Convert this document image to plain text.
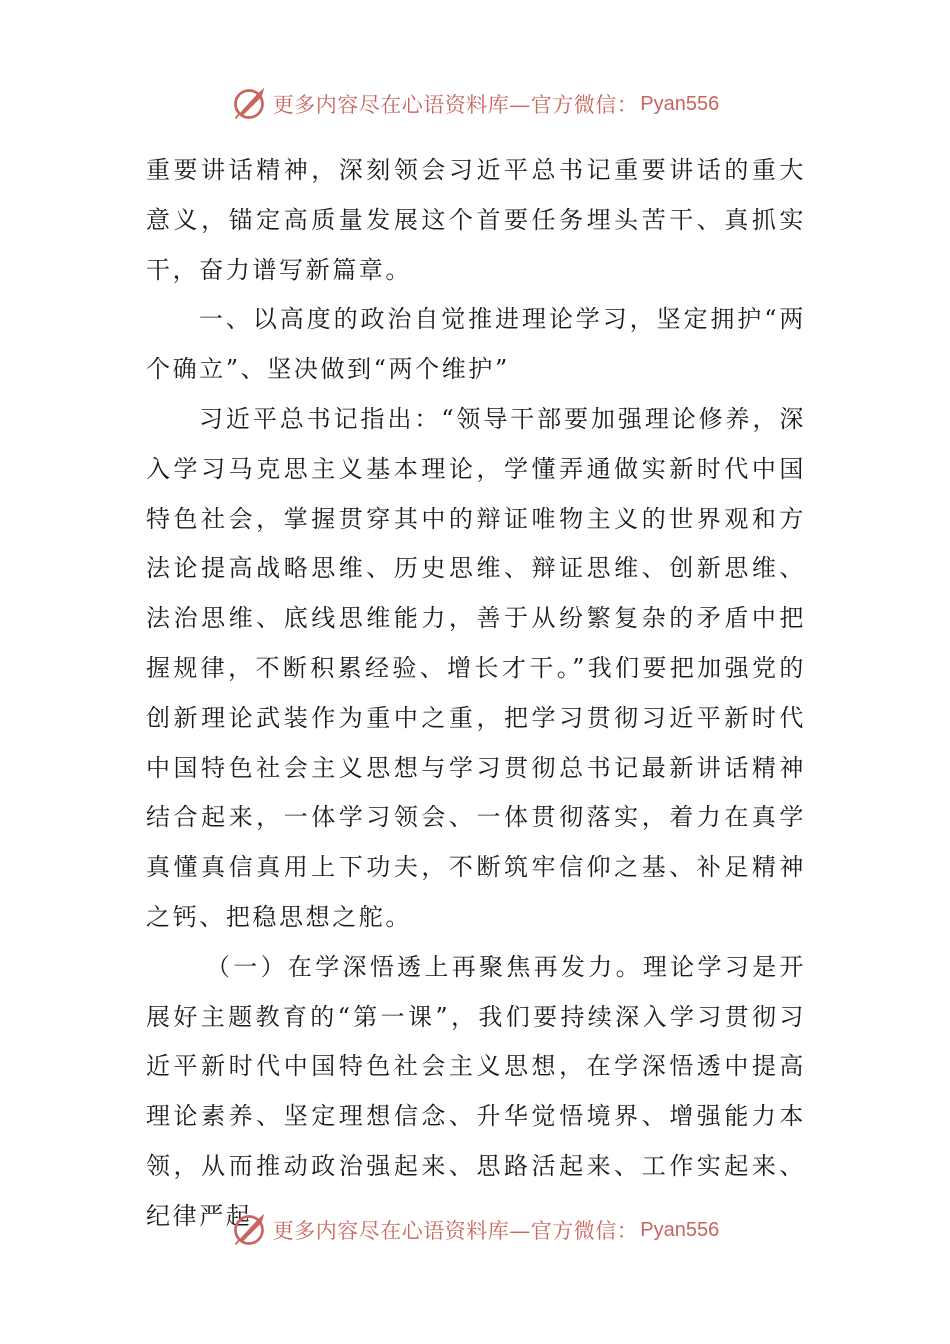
更多内容尽在心语资料库—官方微信： Pyan556

重要讲话精神，深刻领会习近平总书记重要讲话的重大意义，锚定高质量发展这个首要任务埋头苦干、真抓实干，奋力谱写新篇章。

一、以高度的政治自觉推进理论学习，坚定拥护“两个确立”、坚决做到“两个维护”

习近平总书记指出：“领导干部要加强理论修养，深入学习马克思主义基本理论，学懂弄通做实新时代中国特色社会，掌握贯穿其中的辩证唯物主义的世界观和方法论提高战略思维、历史思维、辩证思维、创新思维、法治思维、底线思维能力，善于从纷繁复杂的矛盾中把握规律，不断积累经验、增长才干。”我们要把加强党的创新理论武装作为重中之重，把学习贯彻习近平新时代中国特色社会主义思想与学习贯彻总书记最新讲话精神结合起来，一体学习领会、一体贯彻落实，着力在真学真懂真信真用上下功夫，不断筑牢信仰之基、补足精神之钙、把稳思想之舵。

（一）在学深悟透上再聚焦再发力。理论学习是开展好主题教育的“第一课”，我们要持续深入学习贯彻习近平新时代中国特色社会主义思想，在学深悟透中提高理论素养、坚定理想信念、升华觉悟境界、增强能力本领，从而推动政治强起来、思路活起来、工作实起来、纪律严起

更多内容尽在心语资料库—官方微信： Pyan556
